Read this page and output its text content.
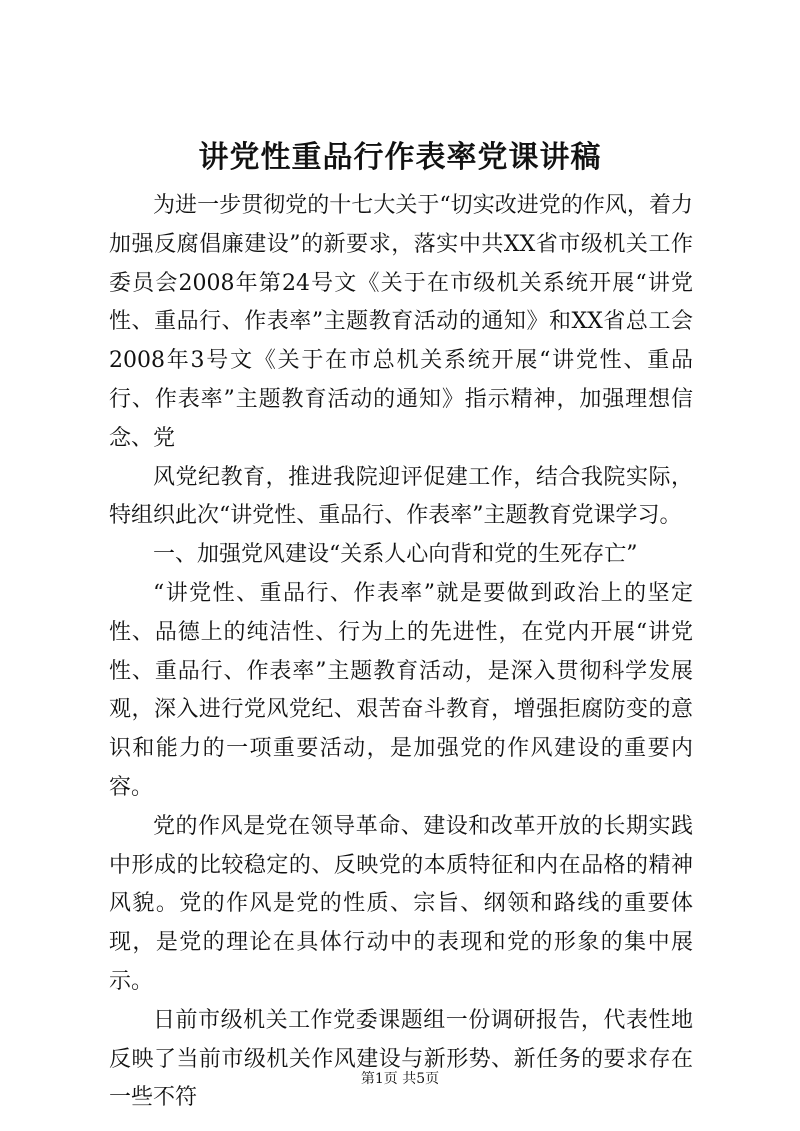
讲党性重品行作表率党课讲稿

为进一步贯彻党的十七大关于“切实改进党的作风，着力加强反腐倡廉建设”的新要求，落实中共XX省市级机关工作委员会2008年第24号文《关于在市级机关系统开展“讲党性、重品行、作表率”主题教育活动的通知》和XX省总工会2008年3号文《关于在市总机关系统开展“讲党性、重品行、作表率”主题教育活动的通知》指示精神，加强理想信念、党

风党纪教育，推进我院迎评促建工作，结合我院实际，特组织此次“讲党性、重品行、作表率”主题教育党课学习。

一、加强党风建设“关系人心向背和党的生死存亡”

“讲党性、重品行、作表率”就是要做到政治上的坚定性、品德上的纯洁性、行为上的先进性，在党内开展“讲党性、重品行、作表率”主题教育活动，是深入贯彻科学发展观，深入进行党风党纪、艰苦奋斗教育，增强拒腐防变的意识和能力的一项重要活动，是加强党的作风建设的重要内容。

党的作风是党在领导革命、建设和改革开放的长期实践中形成的比较稳定的、反映党的本质特征和内在品格的精神风貌。党的作风是党的性质、宗旨、纲领和路线的重要体现，是党的理论在具体行动中的表现和党的形象的集中展示。

日前市级机关工作党委课题组一份调研报告，代表性地反映了当前市级机关作风建设与新形势、新任务的要求存在一些不符

第1页 共5页
